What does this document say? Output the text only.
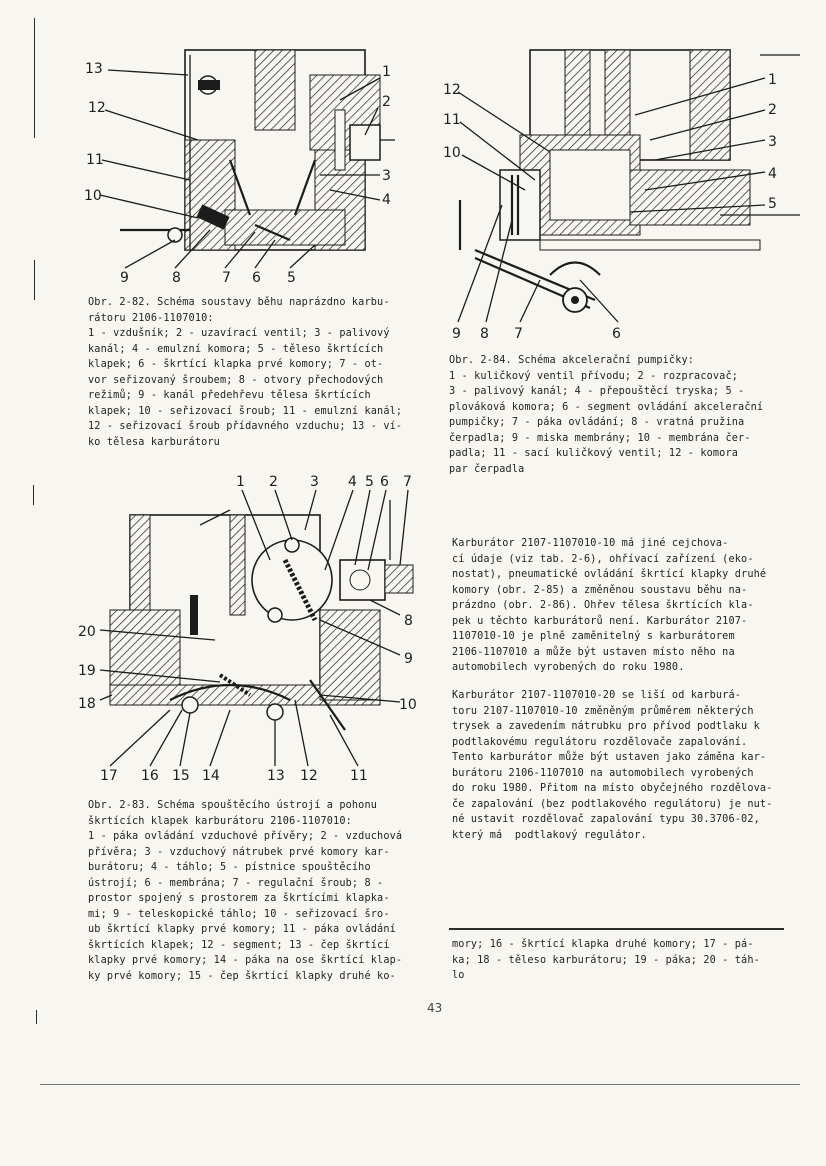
13
12
11
10
9	8	7 6 5
1
2
3
4
Obr. 2-82. Schéma soustavy běhu naprázdno karbu-
rátoru 2106-1107010:
1 - vzdušník; 2 - uzavírací ventil; 3 - palivový
kanál; 4 - emulzní komora; 5 - těleso škrtících
klapek; 6 - škrtící klapka prvé komory; 7 - ot-
vor seřizovaný šroubem; 8 - otvory přechodových
režimů; 9 - kanál předehřevu tělesa škrtících
klapek; 10 - seřizovací šroub; 11 - emulzní kanál;
12 - seřizovací šroub přídavného vzduchu; 13 - ví-
ko tělesa karburátoru
12
11
10
1
2
3
4
5
9 8 7	6
Obr. 2-84. Schéma akcelerační pumpičky:
1 - kuličkový ventil přívodu; 2 - rozpracovač;
3 - palivový kanál; 4 - přepouštěcí tryska; 5 -
plováková komora; 6 - segment ovládání akcelerační
pumpičky; 7 - páka ovládání; 8 - vratná pružina
čerpadla; 9 - miska membrány; 10 - membrána čer-
padla; 11 - sací kuličkový ventil; 12 - komora
par čerpadla
1 2 3 4 5 6 7
8
9
10
11
12
13
14
15
16
17
18
19
20
Obr. 2-83. Schéma spouštěcího ústrojí a pohonu
škrtících klapek karburátoru 2106-1107010:
1 - páka ovládání vzduchové přívěry; 2 - vzduchová
přívěra; 3 - vzduchový nátrubek prvé komory kar-
burátoru; 4 - táhlo; 5 - pístnice spouštěcího
ústrojí; 6 - membrána; 7 - regulační šroub; 8 -
prostor spojený s prostorem za škrtícími klapka-
mi; 9 - teleskopické táhlo; 10 - seřizovací šro-
ub škrtící klapky prvé komory; 11 - páka ovládání
škrtících klapek; 12 - segment; 13 - čep škrtící
klapky prvé komory; 14 - páka na ose škrtící klap-
ky prvé komory; 15 - čep škrtící klapky druhé ko-
Karburátor 2107-1107010-10 má jiné cejchova-
cí údaje (viz tab. 2-6), ohřívací zařízení (eko-
nostat), pneumatické ovládání škrtící klapky druhé
komory (obr. 2-85) a změněnou soustavu běhu na-
prázdno (obr. 2-86). Ohřev tělesa škrtících kla-
pek u těchto karburátorů není. Karburátor 2107-
1107010-10 je plně zaměnitelný s karburátorem
2106-1107010 a může být ustaven místo něho na
automobilech vyrobených do roku 1980.
Karburátor 2107-1107010-20 se liší od karburá-
toru 2107-1107010-10 změněným průměrem některých
trysek a zavedením nátrubku pro přívod podtlaku k
podtlakovému regulátoru rozdělovače zapalování.
Tento karburátor může být ustaven jako záměna kar-
burátoru 2106-1107010 na automobilech vyrobených
do roku 1980. Přitom na místo obyčejného rozdělova-
če zapalování (bez podtlakového regulátoru) je nut-
né ustavit rozdělovač zapalování typu 30.3706-02,
který má  podtlakový regulátor.
mory; 16 - škrtící klapka druhé komory; 17 - pá-
ka; 18 - těleso karburátoru; 19 - páka; 20 - táh-
lo
43
